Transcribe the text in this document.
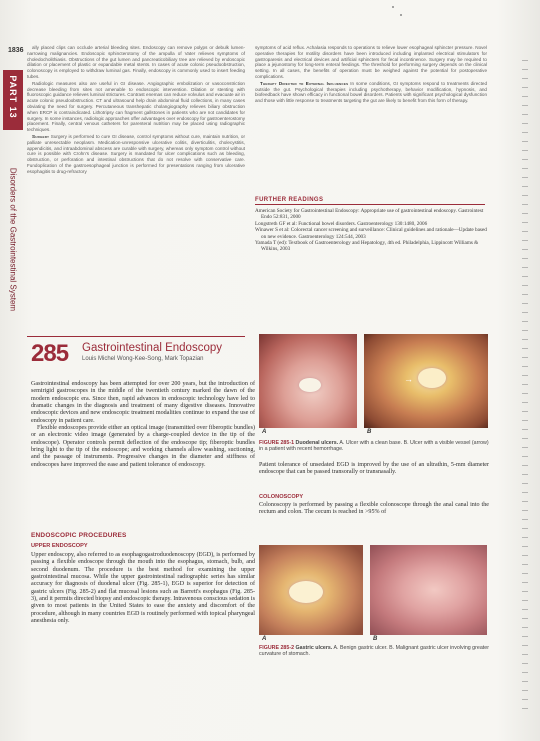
1836
PART 13
Disorders of the Gastrointestinal System

ally placed clips can occlude arterial bleeding sites. Endoscopy can remove polyps or debulk lumen-narrowing malignancies. Endoscopic sphincterotomy of the ampulla of Vater relieves symptoms of choledocholithiasis. Obstructions of the gut lumen and pancreaticobiliary tree are relieved by endoscopic dilation or placement of plastic or expandable metal stents. In cases of acute colonic pseudoobstruction, colonoscopy is employed to withdraw luminal gas. Finally, endoscopy is commonly used to insert feeding tubes.

Radiologic measures also are useful in GI disease. Angiographic embolization or vasoconstriction decrease bleeding from sites not amenable to endoscopic intervention. Dilation or stenting with fluoroscopic guidance relieves luminal strictures. Contrast enemas can reduce volvulus and evacuate air in acute colonic pseudoobstruction. CT and ultrasound help drain abdominal fluid collections, in many cases obviating the need for surgery. Percutaneous transhepatic cholangiography relieves biliary obstruction when ERCP is contraindicated. Lithotripsy can fragment gallstones in patients who are not candidates for surgery. In some instances, radiologic approaches offer advantages over endoscopy for gastroenterostomy placement. Finally, central venous catheters for parenteral nutrition may be placed using radiographic techniques.

Surgery Surgery is performed to cure GI disease, control symptoms without cure, maintain nutrition, or palliate unresectable neoplasm. Medication-unresponsive ulcerative colitis, diverticulitis, cholecystitis, appendicitis, and intraabdominal abscess are curable with surgery, whereas only symptom control without cure is possible with Crohn's disease. Surgery is mandated for ulcer complications such as bleeding, obstruction, or perforation and intestinal obstructions that do not resolve with conservative care. Fundoplication of the gastroesophageal junction is performed for presentations ranging from ulcerative esophagitis to drug-refractory

symptoms of acid reflux. Achalasia responds to operations to relieve lower esophageal sphincter pressure. Novel operative therapies for motility disorders have been introduced including implanted electrical stimulators for gastroparesis and electrical devices and artificial sphincters for fecal incontinence. Surgery may be required to place a jejunostomy for long-term enteral feedings. The threshold for performing surgery depends on the clinical setting. In all cases, the benefits of operation must be weighed against the potential for postoperative complications.

Therapy Directed to External Influences In some conditions, GI symptoms respond to treatments directed outside the gut. Psychological therapies including psychotherapy, behavior modification, hypnosis, and biofeedback have shown efficacy in functional bowel disorders. Patients with significant psychological dysfunction and those with little response to treatments targeting the gut are likely to benefit from this form of therapy.

FURTHER READINGS
American Society for Gastrointestinal Endoscopy: Appropriate use of gastrointestinal endoscopy. Gastrointest Endo 52:831, 2000
Longstreth GF et al: Functional bowel disorders. Gastroenterology 130:1480, 2006
Winawer S et al: Colorectal cancer screening and surveillance: Clinical guidelines and rationale—Update based on new evidence. Gastroenterology 124:544, 2003
Yamada T (ed): Textbook of Gastroenterology and Hepatology, 4th ed. Philadelphia, Lippincott Williams & Wilkins, 2003
285 Gastrointestinal Endoscopy
Louis Michel Wong-Kee-Song, Mark Topazian

Gastrointestinal endoscopy has been attempted for over 200 years, but the introduction of semirigid gastroscopes in the middle of the twentieth century marked the dawn of the modern endoscopic era. Since then, rapid advances in endoscopic technology have led to dramatic changes in the diagnosis and treatment of many digestive diseases. Innovative endoscopic devices and new endoscopic treatment modalities continue to expand the use of endoscopy in patient care.

Flexible endoscopes provide either an optical image (transmitted over fiberoptic bundles) or an electronic video image (generated by a charge-coupled device in the tip of the endoscope). Operator controls permit deflection of the endoscope tip; fiberoptic bundles bring light to the tip of the endoscope; and working channels allow washing, suctioning, and the passage of instruments. Progressive changes in the diameter and stiffness of endoscopes have improved the ease and patient tolerance of endoscopy.

ENDOSCOPIC PROCEDURES
UPPER ENDOSCOPY

Upper endoscopy, also referred to as esophagogastroduodenoscopy (EGD), is performed by passing a flexible endoscope through the mouth into the esophagus, stomach, bulb, and second duodenum. The procedure is the best method for examining the upper gastrointestinal mucosa. While the upper gastrointestinal radiographic series has similar accuracy for diagnosis of duodenal ulcer (Fig. 285-1), EGD is superior for detection of gastric ulcers (Fig. 285-2) and flat mucosal lesions such as Barrett's esophagus (Fig. 285-3), and it permits directed biopsy and endoscopic therapy. Intravenous conscious sedation is given to most patients in the United States to ease the anxiety and discomfort of the procedure, although in many countries EGD is routinely performed with topical pharyngeal anesthesia only.

→
A	B
FIGURE 285-1 Duodenal ulcers. A. Ulcer with a clean base. B. Ulcer with a visible vessel (arrow) in a patient with recent hemorrhage.

Patient tolerance of unsedated EGD is improved by the use of an ultrathin, 5-mm diameter endoscope that can be passed transorally or transnasally.

COLONOSCOPY

Colonoscopy is performed by passing a flexible colonoscope through the anal canal into the rectum and colon. The cecum is reached in >95% of

A	B
FIGURE 285-2 Gastric ulcers. A. Benign gastric ulcer. B. Malignant gastric ulcer involving greater curvature of stomach.
